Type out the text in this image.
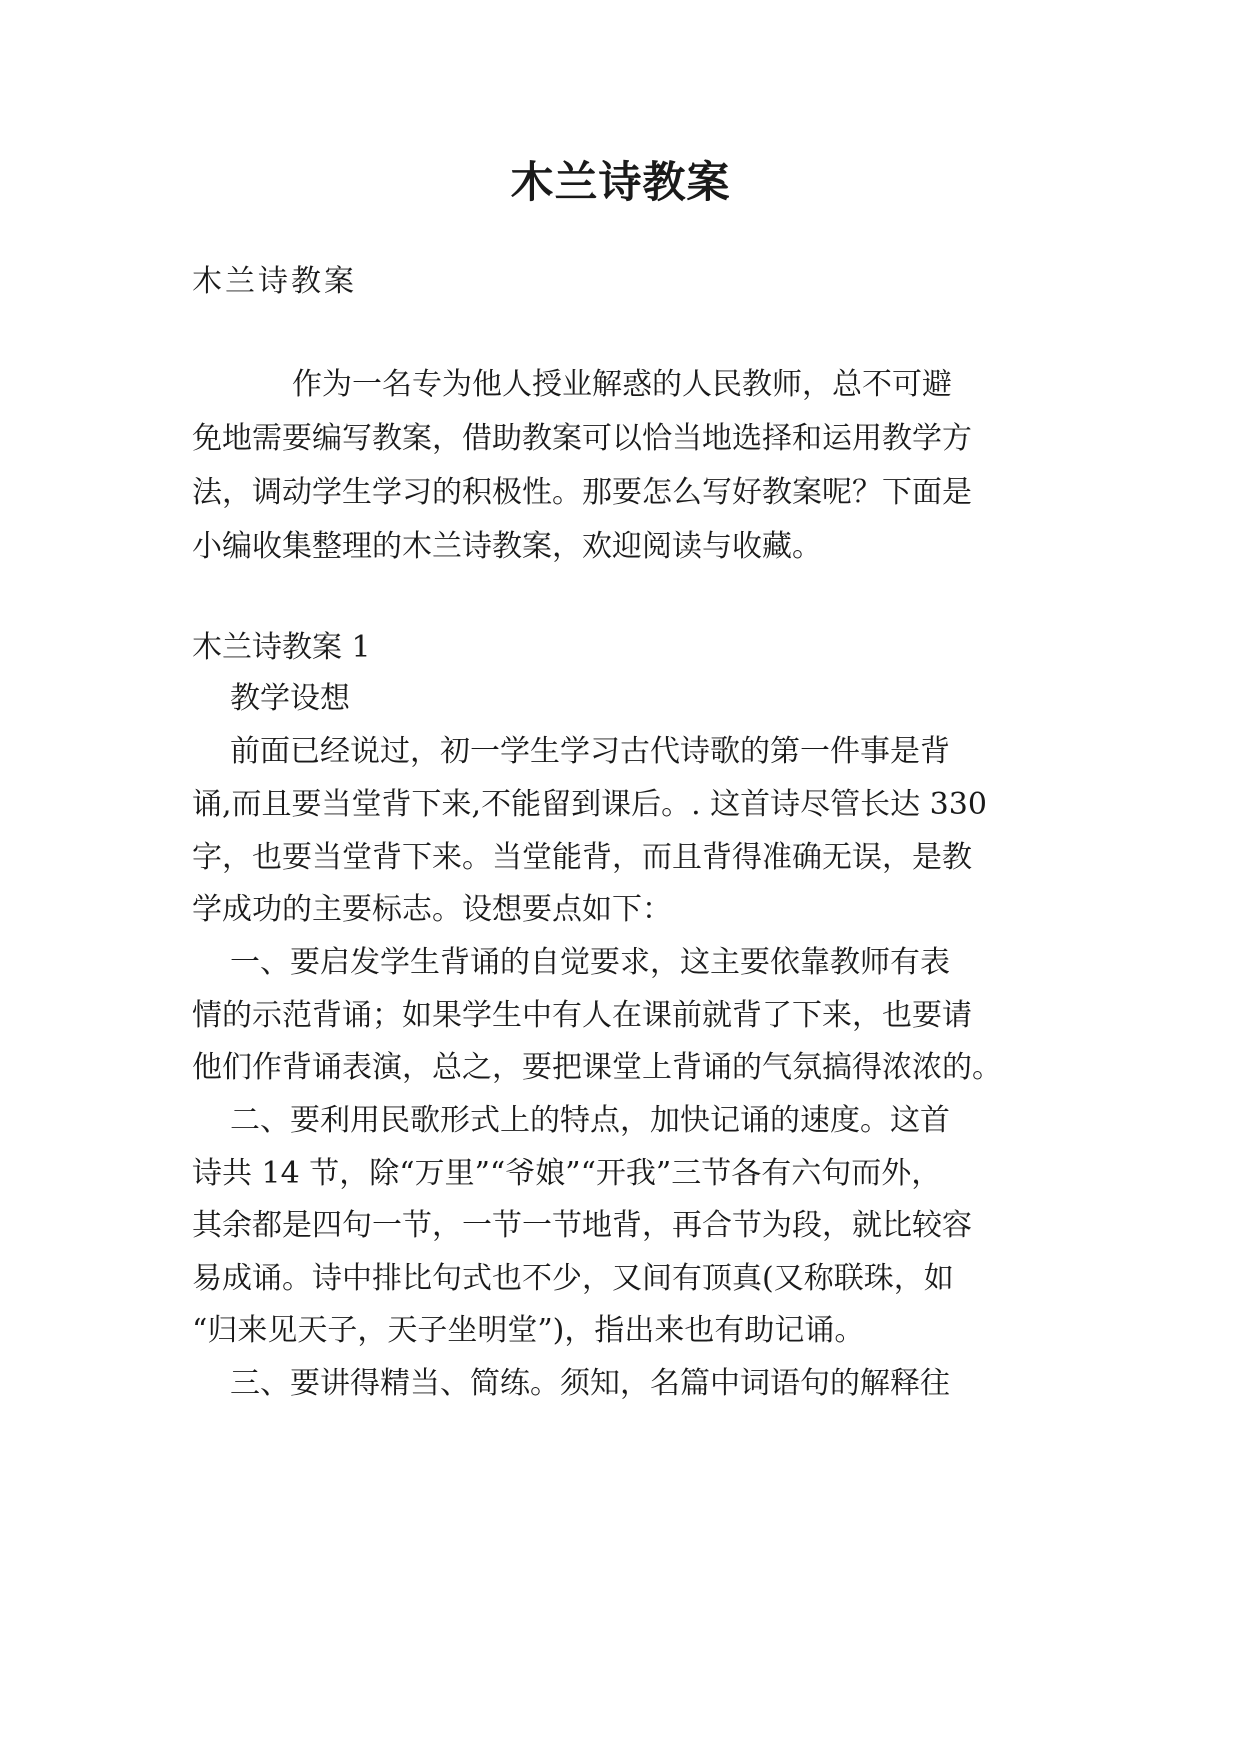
木兰诗教案
木兰诗教案
作为一名专为他人授业解惑的人民教师，总不可避
免地需要编写教案，借助教案可以恰当地选择和运用教学方
法，调动学生学习的积极性。那要怎么写好教案呢？下面是
小编收集整理的木兰诗教案，欢迎阅读与收藏。
木兰诗教案 1
教学设想
前面已经说过，初一学生学习古代诗歌的第一件事是背
诵,而且要当堂背下来,不能留到课后。. 这首诗尽管长达 330
字，也要当堂背下来。当堂能背，而且背得准确无误，是教
学成功的主要标志。设想要点如下：
一、要启发学生背诵的自觉要求，这主要依靠教师有表
情的示范背诵；如果学生中有人在课前就背了下来，也要请
他们作背诵表演，总之，要把课堂上背诵的气氛搞得浓浓的。
二、要利用民歌形式上的特点，加快记诵的速度。这首
诗共 14 节，除“万里”“爷娘”“开我”三节各有六句而外，
其余都是四句一节，一节一节地背，再合节为段，就比较容
易成诵。诗中排比句式也不少，又间有顶真(又称联珠，如
“归来见天子，天子坐明堂”)，指出来也有助记诵。
三、要讲得精当、简练。须知，名篇中词语句的解释往
